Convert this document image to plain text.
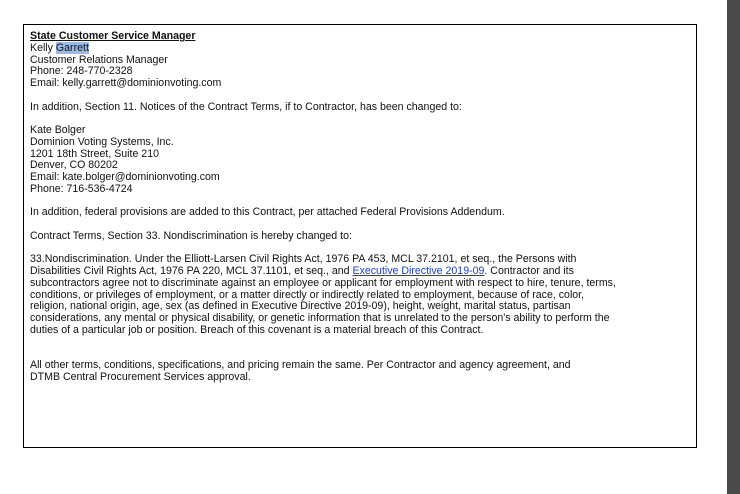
State Customer Service Manager

Kelly Garrett

Customer Relations Manager

Phone: 248-770-2328

Email: kelly.garrett@dominionvoting.com

In addition, Section 11. Notices of the Contract Terms, if to Contractor, has been changed to:

Kate Bolger

Dominion Voting Systems, Inc.

1201 18th Street, Suite 210

Denver, CO 80202

Email: kate.bolger@dominionvoting.com

Phone: 716-536-4724

In addition, federal provisions are added to this Contract, per attached Federal Provisions Addendum.

Contract Terms, Section 33. Nondiscrimination is hereby changed to:

33.Nondiscrimination. Under the Elliott-Larsen Civil Rights Act, 1976 PA 453, MCL 37.2101, et seq., the Persons with

Disabilities Civil Rights Act, 1976 PA 220, MCL 37.1101, et seq., and Executive Directive 2019-09. Contractor and its

subcontractors agree not to discriminate against an employee or applicant for employment with respect to hire, tenure, terms,

conditions, or privileges of employment, or a matter directly or indirectly related to employment, because of race, color,

religion, national origin, age, sex (as defined in Executive Directive 2019-09), height, weight, marital status, partisan

considerations, any mental or physical disability, or genetic information that is unrelated to the person's ability to perform the

duties of a particular job or position. Breach of this covenant is a material breach of this Contract.

All other terms, conditions, specifications, and pricing remain the same. Per Contractor and agency agreement, and

DTMB Central Procurement Services approval.
